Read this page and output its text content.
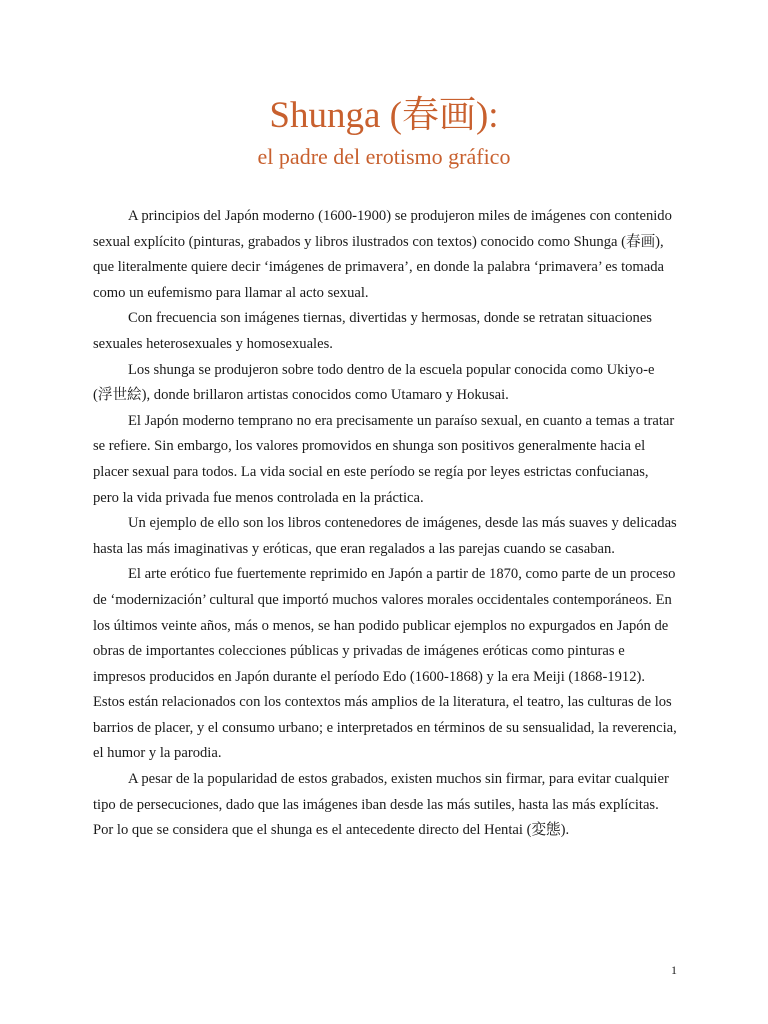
Shunga (春画):
el padre del erotismo gráfico

A principios del Japón moderno (1600-1900) se produjeron miles de imágenes con contenido sexual explícito (pinturas, grabados y libros ilustrados con textos) conocido como Shunga (春画), que literalmente quiere decir ‘imágenes de primavera’, en donde la palabra ‘primavera’ es tomada como un eufemismo para llamar al acto sexual.

Con frecuencia son imágenes tiernas, divertidas y hermosas, donde se retratan situaciones sexuales heterosexuales y homosexuales.

Los shunga se produjeron sobre todo dentro de la escuela popular conocida como Ukiyo-e (浮世絵), donde brillaron artistas conocidos como Utamaro y Hokusai.

El Japón moderno temprano no era precisamente un paraíso sexual, en cuanto a temas a tratar se refiere. Sin embargo, los valores promovidos en shunga son positivos generalmente hacia el placer sexual para todos. La vida social en este período se regía por leyes estrictas confucianas, pero la vida privada fue menos controlada en la práctica.

Un ejemplo de ello son los libros contenedores de imágenes, desde las más suaves y delicadas hasta las más imaginativas y eróticas, que eran regalados a las parejas cuando se casaban.

El arte erótico fue fuertemente reprimido en Japón a partir de 1870, como parte de un proceso de ‘modernización’ cultural que importó muchos valores morales occidentales contemporáneos. En los últimos veinte años, más o menos, se han podido publicar ejemplos no expurgados en Japón de obras de importantes colecciones públicas y privadas de imágenes eróticas como pinturas e impresos producidos en Japón durante el período Edo (1600-1868) y la era Meiji (1868-1912). Estos están relacionados con los contextos más amplios de la literatura, el teatro, las culturas de los barrios de placer, y el consumo urbano; e interpretados en términos de su sensualidad, la reverencia, el humor y la parodia.

A pesar de la popularidad de estos grabados, existen muchos sin firmar, para evitar cualquier tipo de persecuciones, dado que las imágenes iban desde las más sutiles, hasta las más explícitas. Por lo que se considera que el shunga es el antecedente directo del Hentai (変態).

1
